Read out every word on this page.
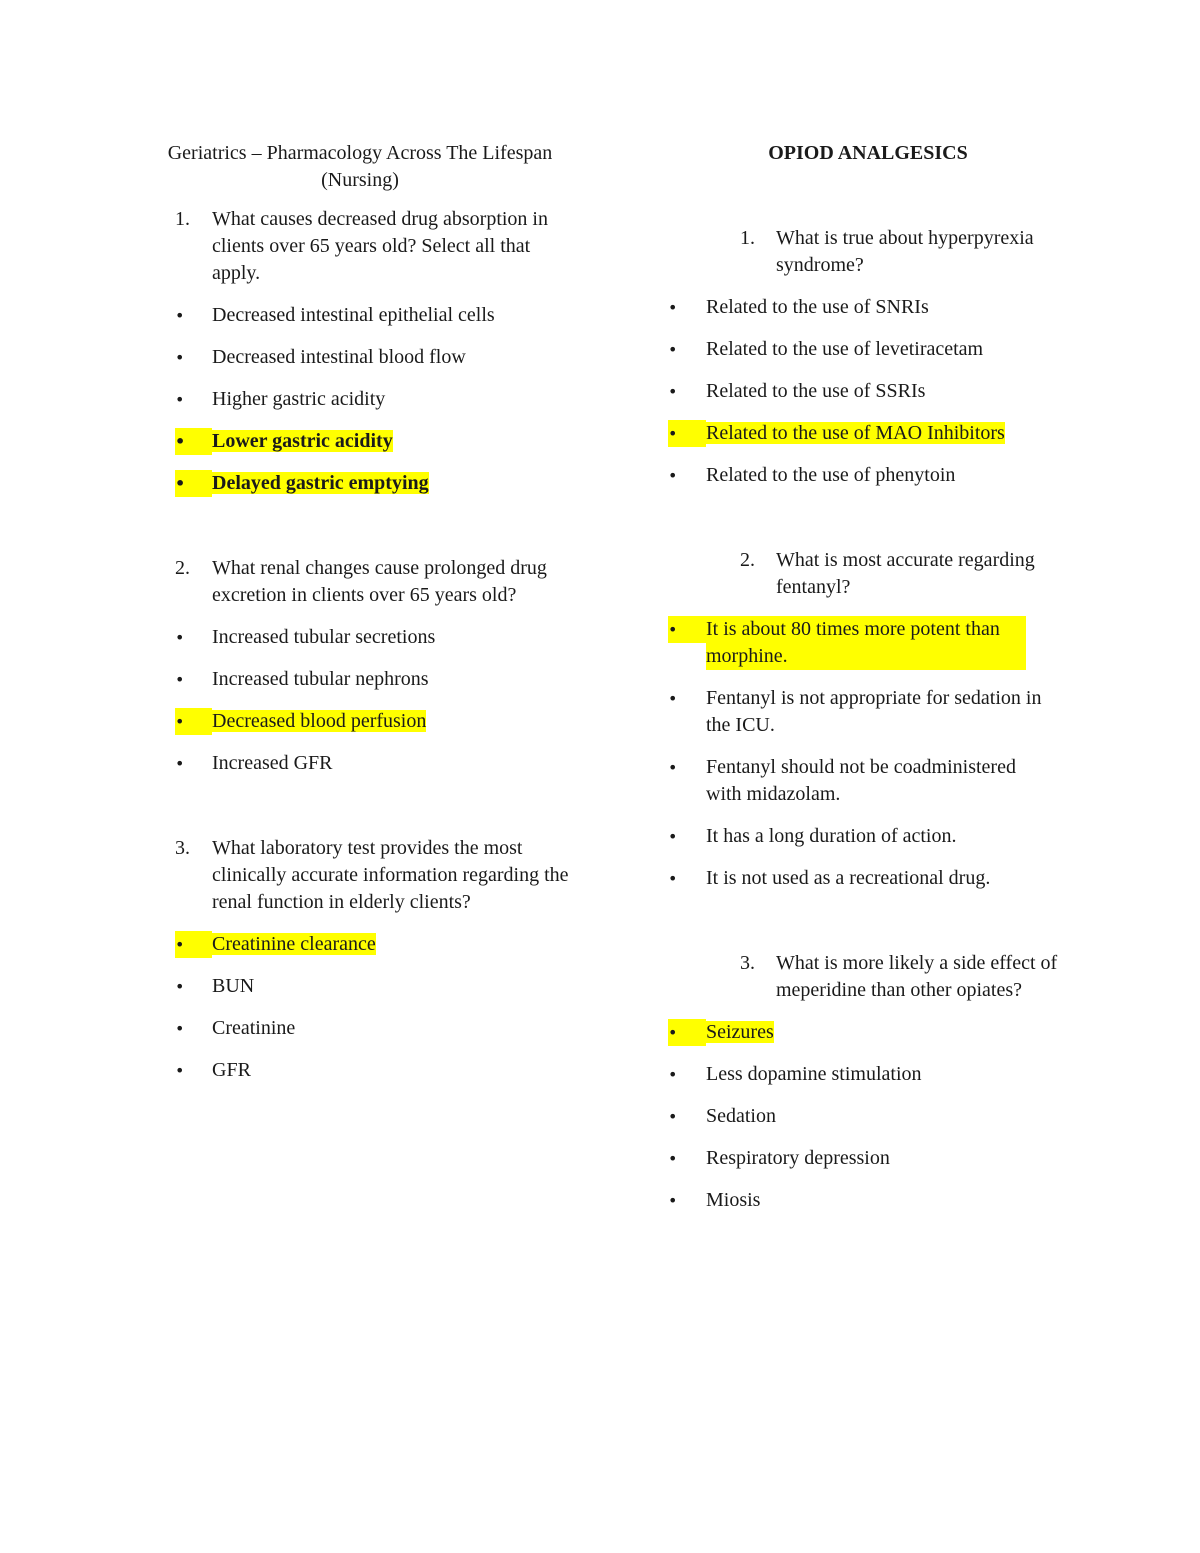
Geriatrics – Pharmacology Across The Lifespan
(Nursing)
1. What causes decreased drug absorption in clients over 65 years old? Select all that apply.
• Decreased intestinal epithelial cells
• Decreased intestinal blood flow
• Higher gastric acidity
•	Lower gastric acidity
•	Delayed gastric emptying
2. What renal changes cause prolonged drug excretion in clients over 65 years old?
• Increased tubular secretions
• Increased tubular nephrons
•	Decreased blood perfusion
• Increased GFR
3. What laboratory test provides the most clinically accurate information regarding the renal function in elderly clients?
•	Creatinine clearance
• BUN
• Creatinine
• GFR
OPIOD ANALGESICS
1. What is true about hyperpyrexia syndrome?
• Related to the use of SNRIs
• Related to the use of levetiracetam
• Related to the use of SSRIs
•	Related to the use of MAO Inhibitors
• Related to the use of phenytoin
2. What is most accurate regarding fentanyl?
•	It is about 80 times more potent than morphine.
• Fentanyl is not appropriate for sedation in the ICU.
• Fentanyl should not be coadministered with midazolam.
• It has a long duration of action.
• It is not used as a recreational drug.
3. What is more likely a side effect of meperidine than other opiates?
•	Seizures
• Less dopamine stimulation
• Sedation
• Respiratory depression
• Miosis
